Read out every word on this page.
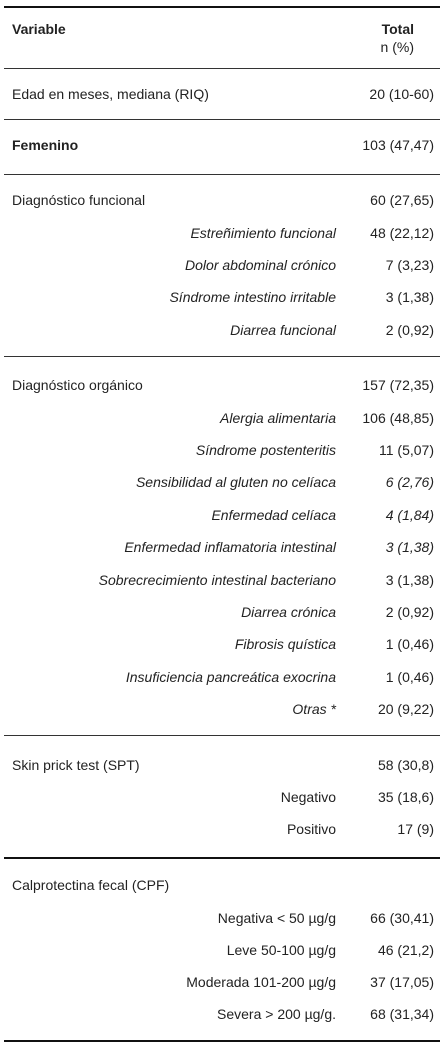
Variable	Total
n (%)
Edad en meses, mediana (RIQ)	20 (10-60)
Femenino	103 (47,47)
Diagnóstico funcional	60 (27,65)
Estreñimiento funcional 48 (22,12)
Dolor abdominal crónico	7 (3,23)
Síndrome intestino irritable	3 (1,38)
Diarrea funcional	2 (0,92)
Diagnóstico orgánico	157 (72,35)
Alergia alimentaria 106 (48,85)
Síndrome postenteritis	11 (5,07)
Sensibilidad al gluten no celíaca	6 (2,76)
Enfermedad celíaca	4 (1,84)
Enfermedad inflamatoria intestinal	3 (1,38)
Sobrecrecimiento intestinal bacteriano	3 (1,38)
Diarrea crónica	2 (0,92)
Fibrosis quística	1 (0,46)
Insuficiencia pancreática exocrina	1 (0,46)
Otras *	20 (9,22)
Skin prick test (SPT)	58 (30,8)
Negativo	35 (18,6)
Positivo	17 (9)
Calprotectina fecal (CPF)
Negativa < 50 µg/g 66 (30,41)
Leve 50-100 µg/g	46 (21,2)
Moderada 101-200 µg/g 37 (17,05)
Severa > 200 µg/g. 68 (31,34)
